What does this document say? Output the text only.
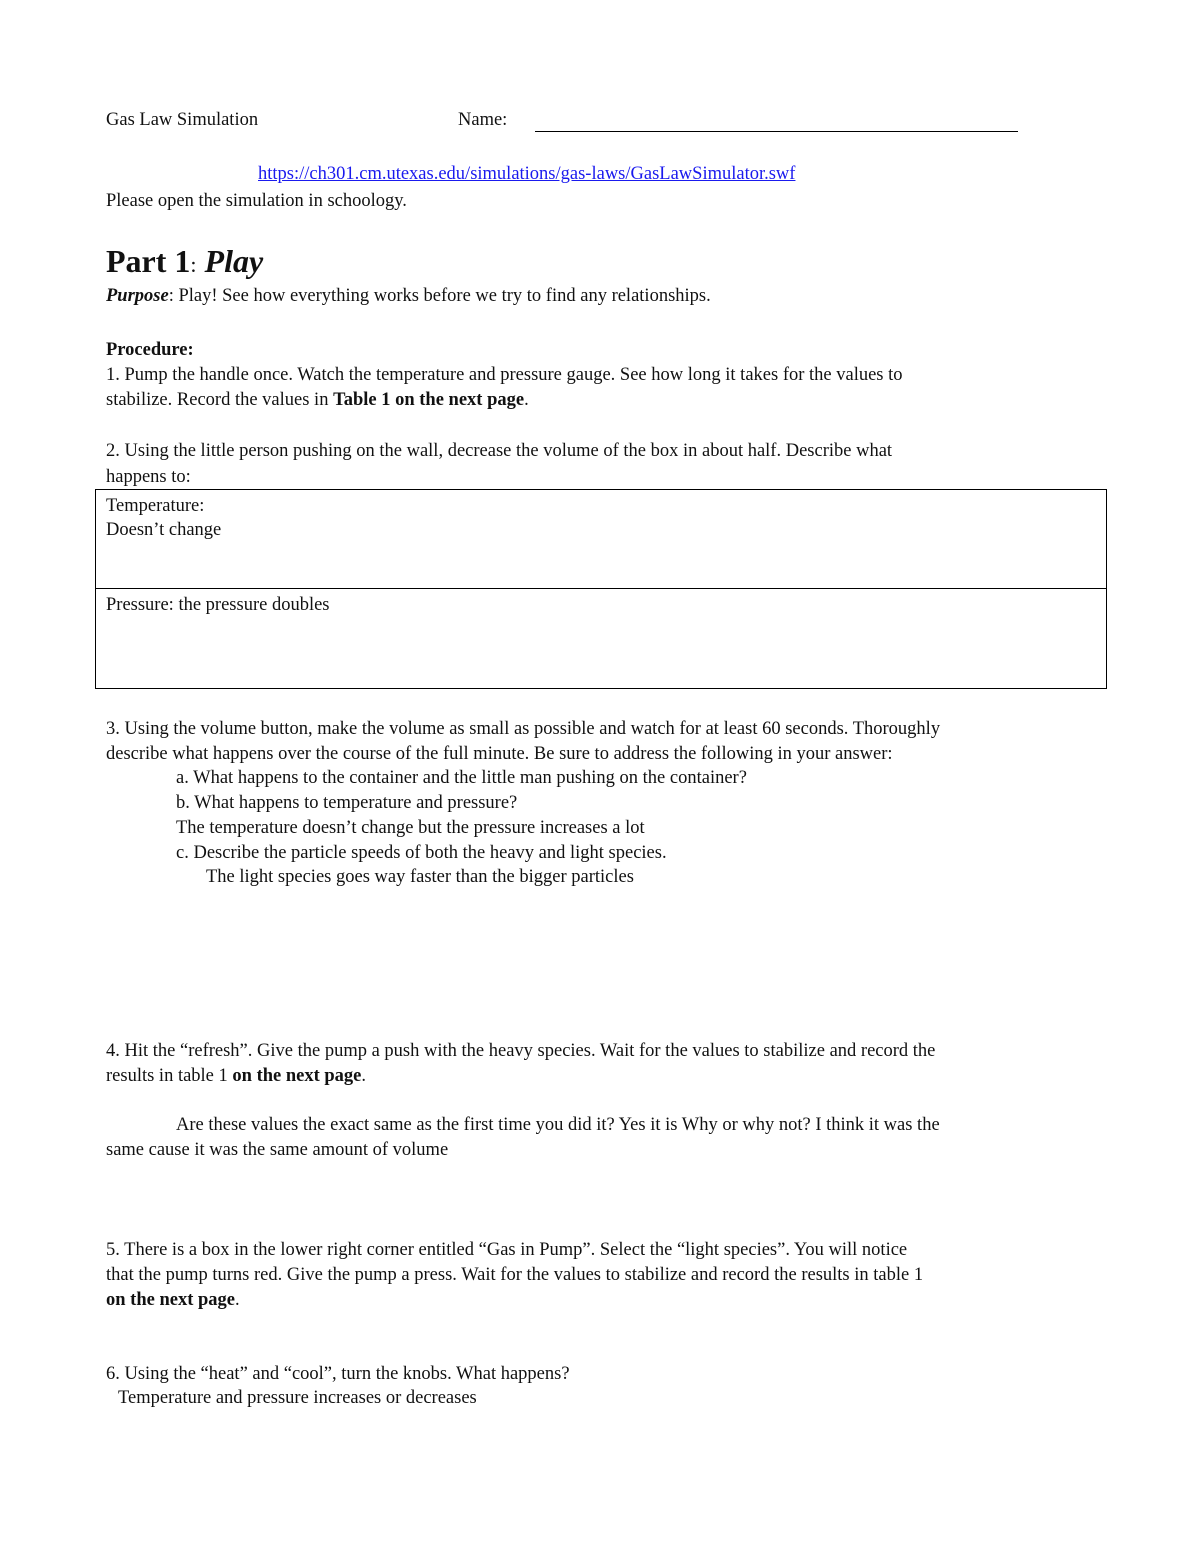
Gas Law Simulation	Name:
https://ch301.cm.utexas.edu/simulations/gas-laws/GasLawSimulator.swf
Please open the simulation in schoology.
Part 1: Play
Purpose: Play! See how everything works before we try to find any relationships.
Procedure:
1. Pump the handle once. Watch the temperature and pressure gauge. See how long it takes for the values to
stabilize. Record the values in Table 1 on the next page.
2. Using the little person pushing on the wall, decrease the volume of the box in about half. Describe what
happens to:
Temperature:
Doesn’t change
Pressure: the pressure doubles
3. Using the volume button, make the volume as small as possible and watch for at least 60 seconds. Thoroughly
describe what happens over the course of the full minute. Be sure to address the following in your answer:
a. What happens to the container and the little man pushing on the container?
b. What happens to temperature and pressure?
The temperature doesn’t change but the pressure increases a lot
c. Describe the particle speeds of both the heavy and light species.
The light species goes way faster than the bigger particles
4. Hit the “refresh”. Give the pump a push with the heavy species. Wait for the values to stabilize and record the
results in table 1 on the next page.
Are these values the exact same as the first time you did it? Yes it is Why or why not? I think it was the
same cause it was the same amount of volume
5. There is a box in the lower right corner entitled “Gas in Pump”. Select the “light species”. You will notice
that the pump turns red. Give the pump a press. Wait for the values to stabilize and record the results in table 1
on the next page.
6. Using the “heat” and “cool”, turn the knobs. What happens?
Temperature and pressure increases or decreases
